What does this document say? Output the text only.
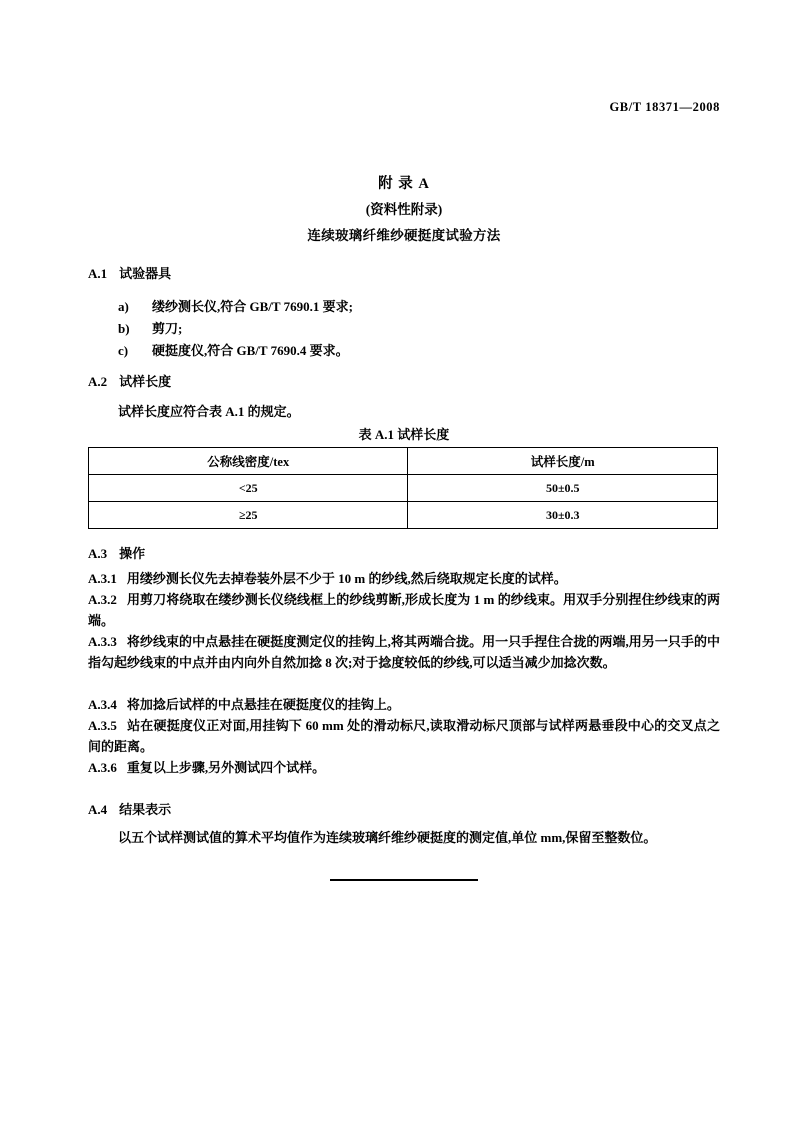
GB/T 18371—2008
附 录 A
(资料性附录)
连续玻璃纤维纱硬挺度试验方法
A.1 试验器具
a) 缕纱测长仪,符合 GB/T 7690.1 要求;
b) 剪刀;
c) 硬挺度仪,符合 GB/T 7690.4 要求。
A.2 试样长度
试样长度应符合表 A.1 的规定。
表 A.1 试样长度
公称线密度/tex	试样长度/m
<25	50±0.5
≥25	30±0.3
A.3 操作
A.3.1 用缕纱测长仪先去掉卷装外层不少于 10 m 的纱线,然后绕取规定长度的试样。
A.3.2 用剪刀将绕取在缕纱测长仪绕线框上的纱线剪断,形成长度为 1 m 的纱线束。用双手分别捏住纱线束的两端。
A.3.3 将纱线束的中点悬挂在硬挺度测定仪的挂钩上,将其两端合拢。用一只手捏住合拢的两端,用另一只手的中指勾起纱线束的中点并由内向外自然加捻 8 次;对于捻度较低的纱线,可以适当减少加捻次数。
A.3.4 将加捻后试样的中点悬挂在硬挺度仪的挂钩上。
A.3.5 站在硬挺度仪正对面,用挂钩下 60 mm 处的滑动标尺,读取滑动标尺顶部与试样两悬垂段中心的交叉点之间的距离。
A.3.6 重复以上步骤,另外测试四个试样。
A.4 结果表示
以五个试样测试值的算术平均值作为连续玻璃纤维纱硬挺度的测定值,单位 mm,保留至整数位。
